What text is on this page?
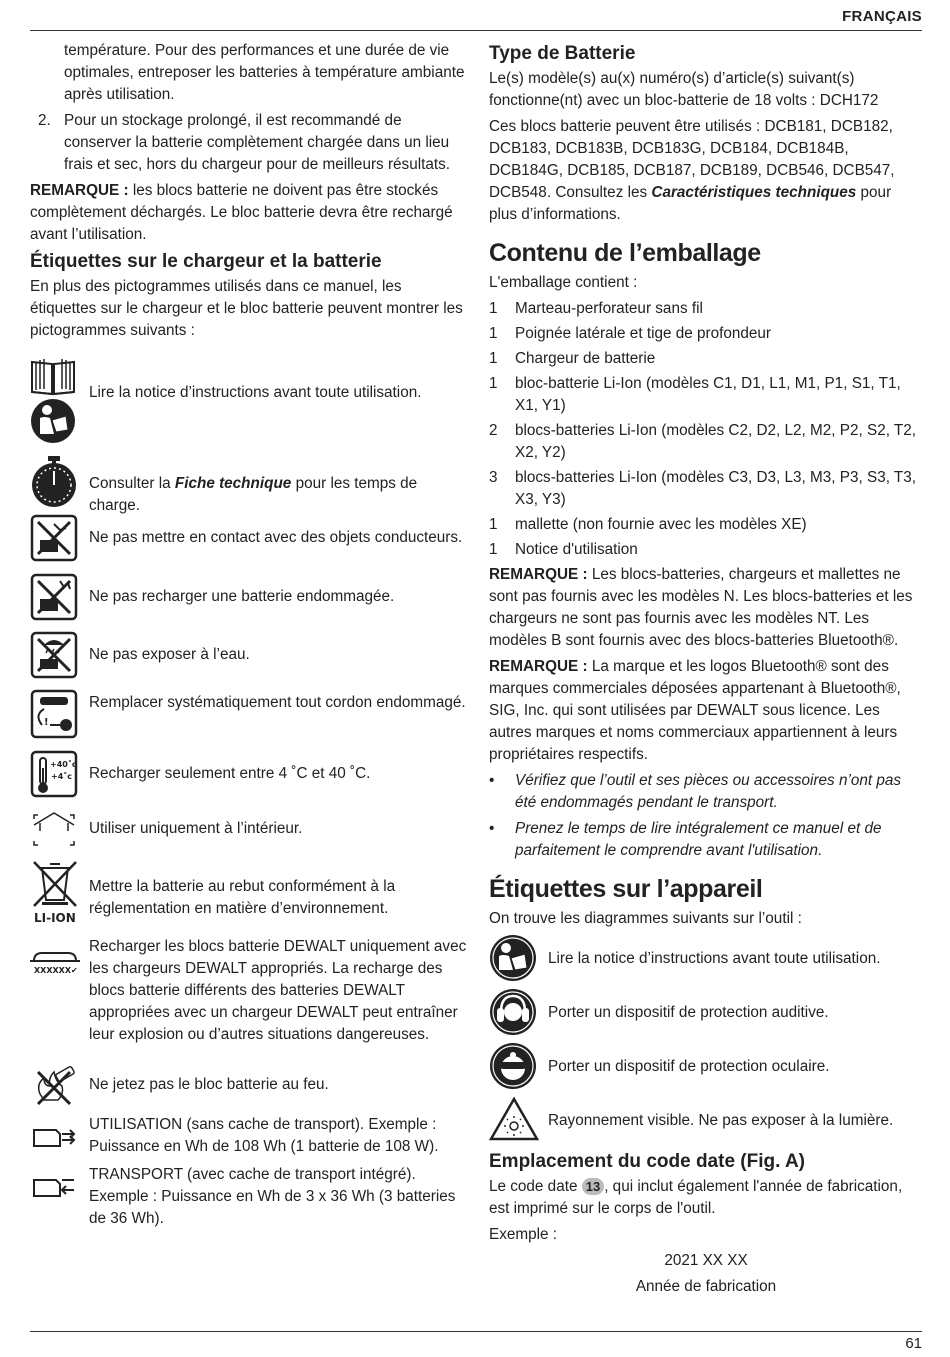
FRANÇAIS
température. Pour des performances et une durée de vie optimales, entreposer les batteries à température ambiante après utilisation.
2. Pour un stockage prolongé, il est recommandé de conserver la batterie complètement chargée dans un lieu frais et sec, hors du chargeur pour de meilleurs résultats.

REMARQUE : les blocs batterie ne doivent pas être stockés complètement déchargés. Le bloc batterie devra être rechargé avant l’utilisation.

Étiquettes sur le chargeur et la batterie

En plus des pictogrammes utilisés dans ce manuel, les étiquettes sur le chargeur et le bloc batterie peuvent montrer les pictogrammes suivants :

Lire la notice d’instructions avant toute utilisation.
Consulter la Fiche technique pour les temps de charge.
Ne pas mettre en contact avec des objets conducteurs.
Ne pas recharger une batterie endommagée.
Ne pas exposer à l’eau.
!
Remplacer systématiquement tout cordon endommagé.
+40˚c
+4˚c Recharger seulement entre 4 ˚C et 40 ˚C.
Utiliser uniquement à l’intérieur.
LI-ION
Mettre la batterie au rebut conformément à la réglementation en matière d’environnement.
XXXXXX✔
Recharger les blocs batterie DEWALT uniquement avec les chargeurs DEWALT appropriés. La recharge des blocs batterie différents des batteries DEWALT appropriées avec un chargeur DEWALT peut entraîner leur explosion ou d’autres situations dangereuses.
Ne jetez pas le bloc batterie au feu.
UTILISATION (sans cache de transport). Exemple : Puissance en Wh de 108 Wh (1 batterie de 108 W).
TRANSPORT (avec cache de transport intégré). Exemple : Puissance en Wh de 3 x 36 Wh (3 batteries de 36 Wh).
Type de Batterie

Le(s) modèle(s) au(x) numéro(s) d’article(s) suivant(s) fonctionne(nt) avec un bloc-batterie de 18 volts : DCH172

Ces blocs batterie peuvent être utilisés : DCB181, DCB182, DCB183, DCB183B, DCB183G, DCB184, DCB184B, DCB184G, DCB185, DCB187, DCB189, DCB546, DCB547, DCB548. Consultez les Caractéristiques techniques pour plus d’informations.

Contenu de l’emballage

L'emballage contient :

1	Marteau-perforateur sans fil
1	Poignée latérale et tige de profondeur
1	Chargeur de batterie
1	bloc-batterie Li-Ion (modèles C1, D1, L1, M1, P1, S1, T1, X1, Y1)
2	blocs-batteries Li-Ion (modèles C2, D2, L2, M2, P2, S2, T2, X2, Y2)
3	blocs-batteries Li-Ion (modèles C3, D3, L3, M3, P3, S3, T3, X3, Y3)
1	mallette (non fournie avec les modèles XE)
1	Notice d'utilisation

REMARQUE : Les blocs-batteries, chargeurs et mallettes ne sont pas fournis avec les modèles N. Les blocs-batteries et les chargeurs ne sont pas fournis avec les modèles NT. Les modèles B sont fournis avec des blocs-batteries Bluetooth®.

REMARQUE : La marque et les logos Bluetooth® sont des marques commerciales déposées appartenant à Bluetooth®, SIG, Inc. qui sont utilisées par DEWALT sous licence. Les autres marques et noms commerciaux appartiennent à leurs propriétaires respectifs.

•	Vérifiez que l’outil et ses pièces ou accessoires n’ont pas été endommagés pendant le transport.
•	Prenez le temps de lire intégralement ce manuel et de parfaitement le comprendre avant l'utilisation.
Étiquettes sur l’appareil

On trouve les diagrammes suivants sur l’outil :

Lire la notice d’instructions avant toute utilisation.
Porter un dispositif de protection auditive.
Porter un dispositif de protection oculaire.
Rayonnement visible. Ne pas exposer à la lumière.
Emplacement du code date (Fig. A)

Le code date 13 , qui inclut également l'année de fabrication, est imprimé sur le corps de l'outil.

Exemple :

2021 XX XX

Année de fabrication

61
